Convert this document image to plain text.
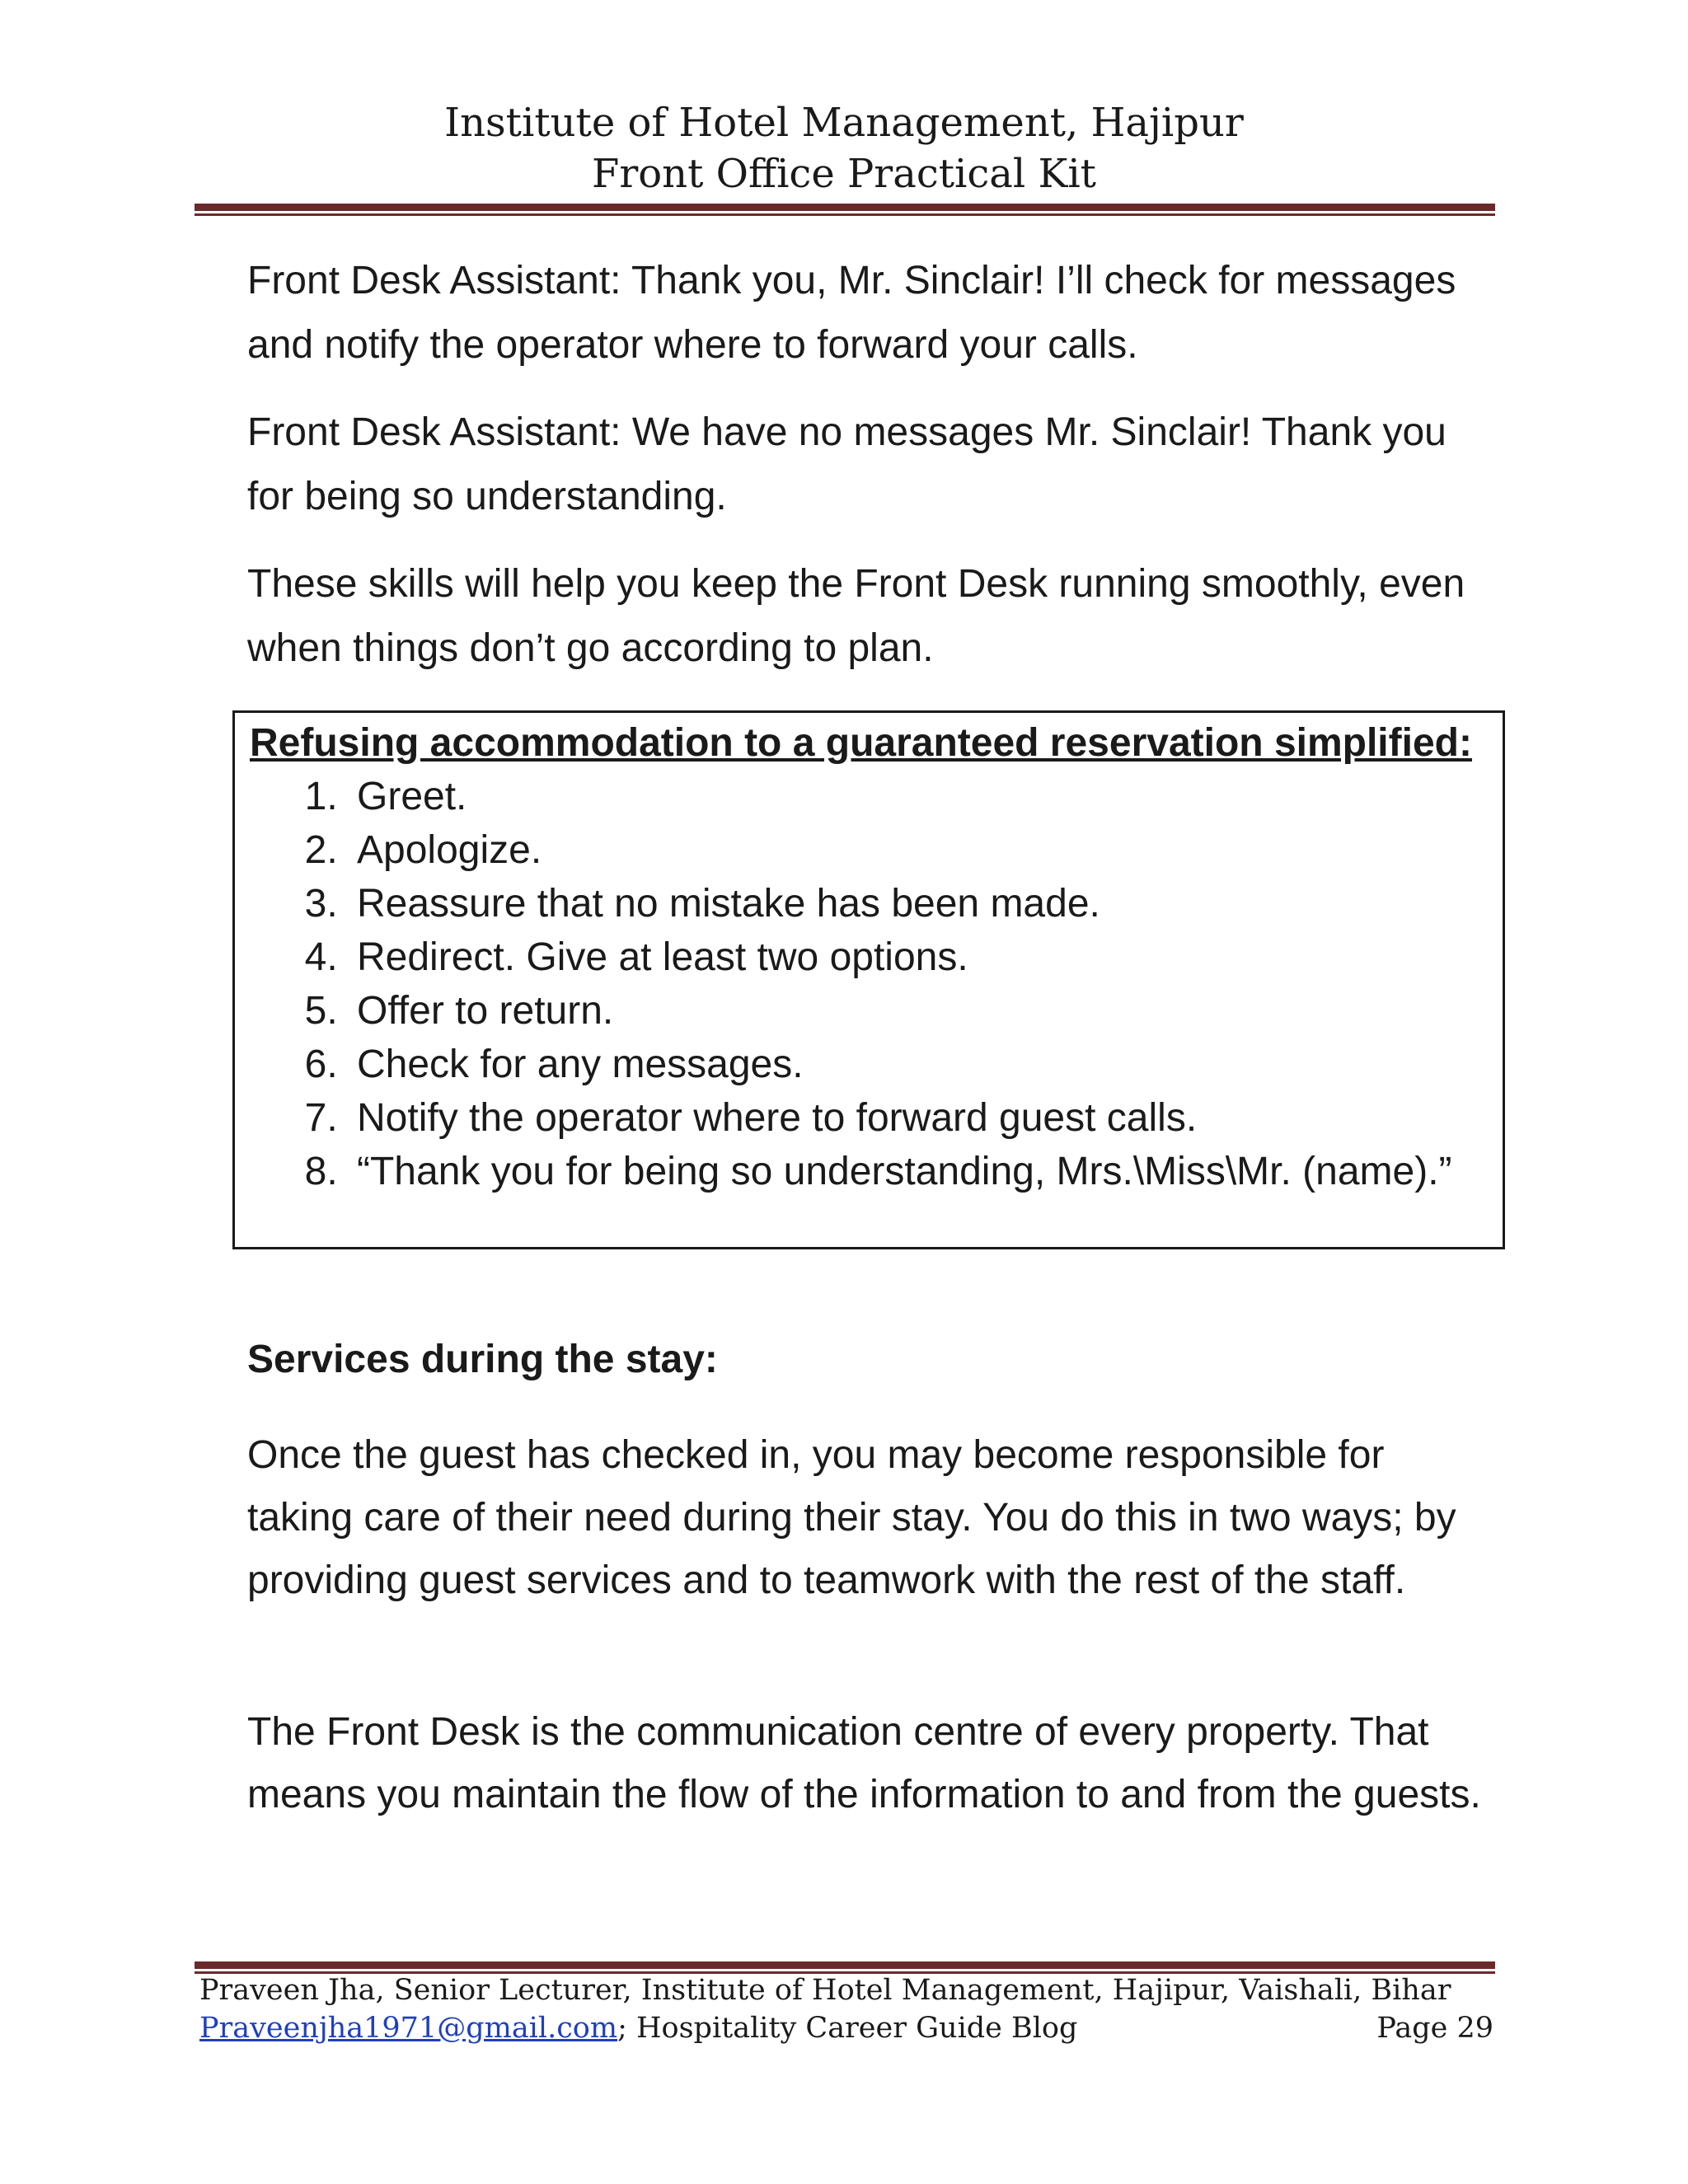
Institute of Hotel Management, Hajipur
Front Office Practical Kit

Front Desk Assistant: Thank you, Mr. Sinclair! I’ll check for messages and notify the operator where to forward your calls.

Front Desk Assistant: We have no messages Mr. Sinclair! Thank you for being so understanding.

These skills will help you keep the Front Desk running smoothly, even when things don’t go according to plan.

Refusing accommodation to a guaranteed reservation simplified:
1. Greet.
2. Apologize.
3. Reassure that no mistake has been made.
4. Redirect. Give at least two options.
5. Offer to return.
6. Check for any messages.
7. Notify the operator where to forward guest calls.
8. “Thank you for being so understanding, Mrs.\Miss\Mr. (name).”
Services during the stay:

Once the guest has checked in, you may become responsible for taking care of their need during their stay. You do this in two ways; by providing guest services and to teamwork with the rest of the staff.

The Front Desk is the communication centre of every property. That means you maintain the flow of the information to and from the guests.

Praveen Jha, Senior Lecturer, Institute of Hotel Management, Hajipur, Vaishali, Bihar
Praveenjha1971@gmail.com; Hospitality Career Guide Blog	Page 29
